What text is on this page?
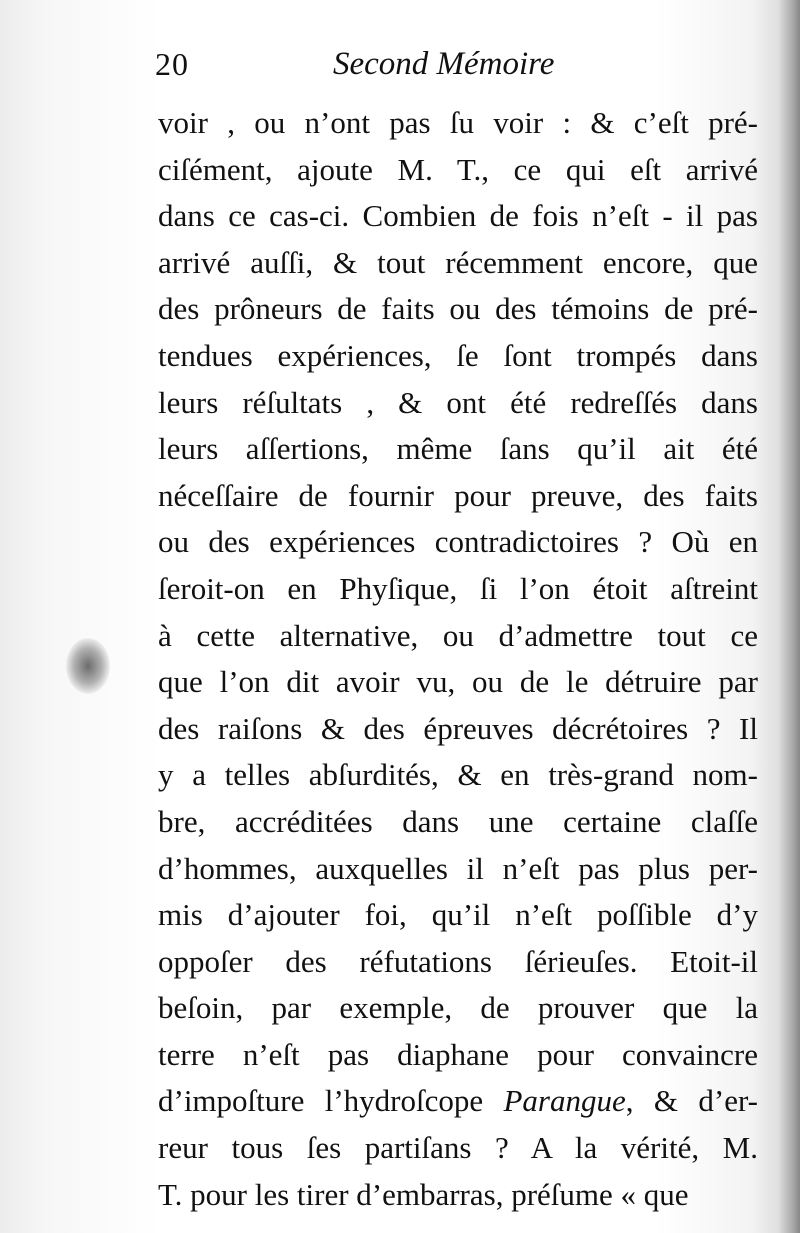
20	Second Mémoire
voir , ou n’ont pas ſu voir : & c’eſt pré-
ciſément, ajoute M. T., ce qui eſt arrivé
dans ce cas-ci. Combien de fois n’eſt - il pas
arrivé auſſi, & tout récemment encore, que
des prôneurs de faits ou des témoins de pré-
tendues expériences, ſe ſont trompés dans
leurs réſultats , & ont été redreſſés dans
leurs aſſertions, même ſans qu’il ait été
néceſſaire de fournir pour preuve, des faits
ou des expériences contradictoires ? Où en
ſeroit-on en Phyſique, ſi l’on étoit aſtreint
à cette alternative, ou d’admettre tout ce
que l’on dit avoir vu, ou de le détruire par
des raiſons & des épreuves décrétoires ? Il
y a telles abſurdités, & en très-grand nom-
bre, accréditées dans une certaine claſſe
d’hommes, auxquelles il n’eſt pas plus per-
mis d’ajouter foi, qu’il n’eſt poſſible d’y
oppoſer des réfutations ſérieuſes. Etoit-il
beſoin, par exemple, de prouver que la
terre n’eſt pas diaphane pour convaincre
d’impoſture l’hydroſcope Parangue, & d’er-
reur tous ſes partiſans ? A la vérité, M.
T. pour les tirer d’embarras, préſume « que
